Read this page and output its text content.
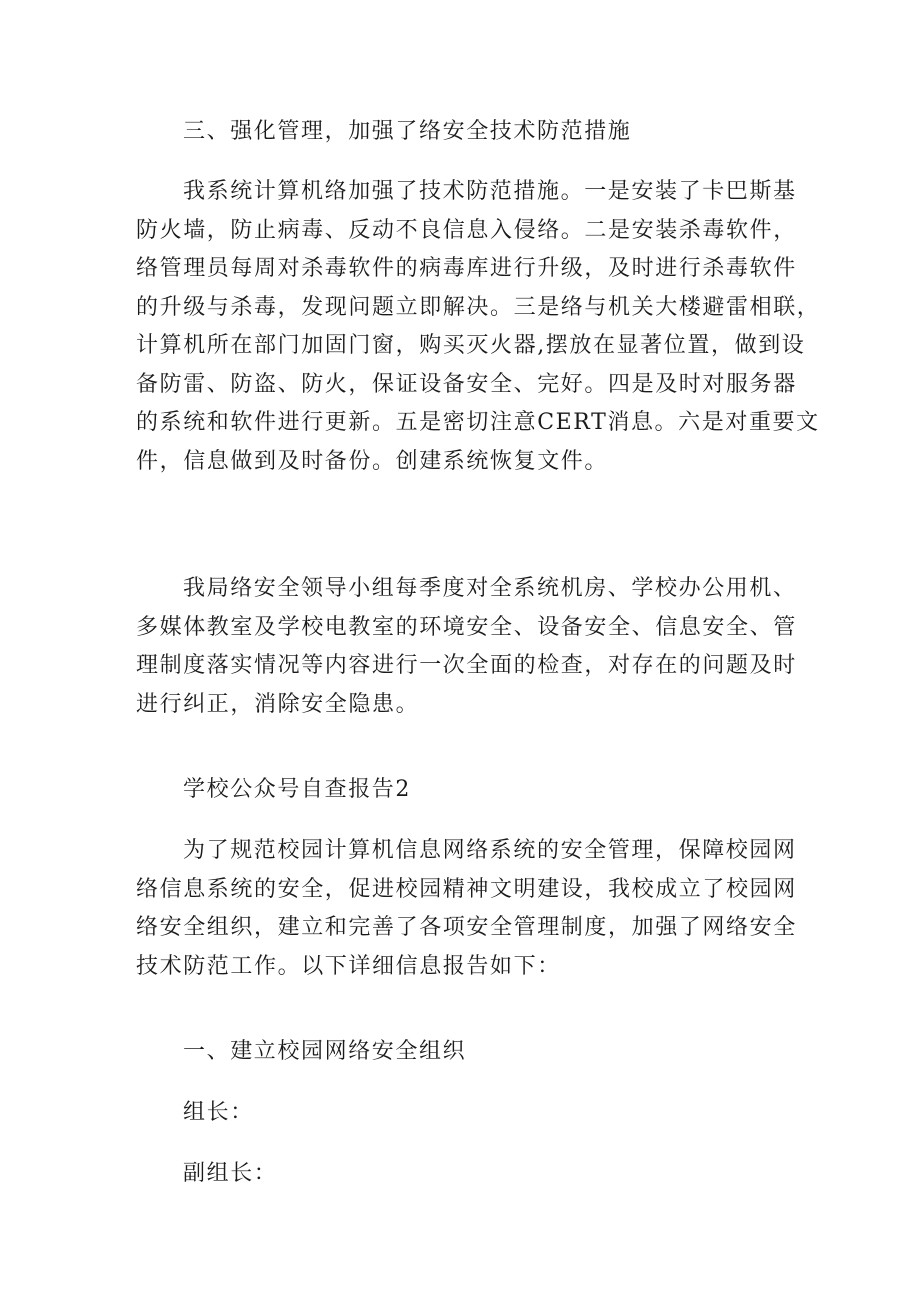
三、强化管理，加强了络安全技术防范措施
我系统计算机络加强了技术防范措施。一是安装了卡巴斯基
防火墙，防止病毒、反动不良信息入侵络。二是安装杀毒软件，
络管理员每周对杀毒软件的病毒库进行升级，及时进行杀毒软件
的升级与杀毒，发现问题立即解决。三是络与机关大楼避雷相联，
计算机所在部门加固门窗，购买灭火器,摆放在显著位置，做到设
备防雷、防盗、防火，保证设备安全、完好。四是及时对服务器
的系统和软件进行更新。五是密切注意CERT消息。六是对重要文
件，信息做到及时备份。创建系统恢复文件。
我局络安全领导小组每季度对全系统机房、学校办公用机、
多媒体教室及学校电教室的环境安全、设备安全、信息安全、管
理制度落实情况等内容进行一次全面的检查，对存在的问题及时
进行纠正，消除安全隐患。
学校公众号自查报告2
为了规范校园计算机信息网络系统的安全管理，保障校园网
络信息系统的安全，促进校园精神文明建设，我校成立了校园网
络安全组织，建立和完善了各项安全管理制度，加强了网络安全
技术防范工作。以下详细信息报告如下：
一、建立校园网络安全组织
组长：
副组长：
